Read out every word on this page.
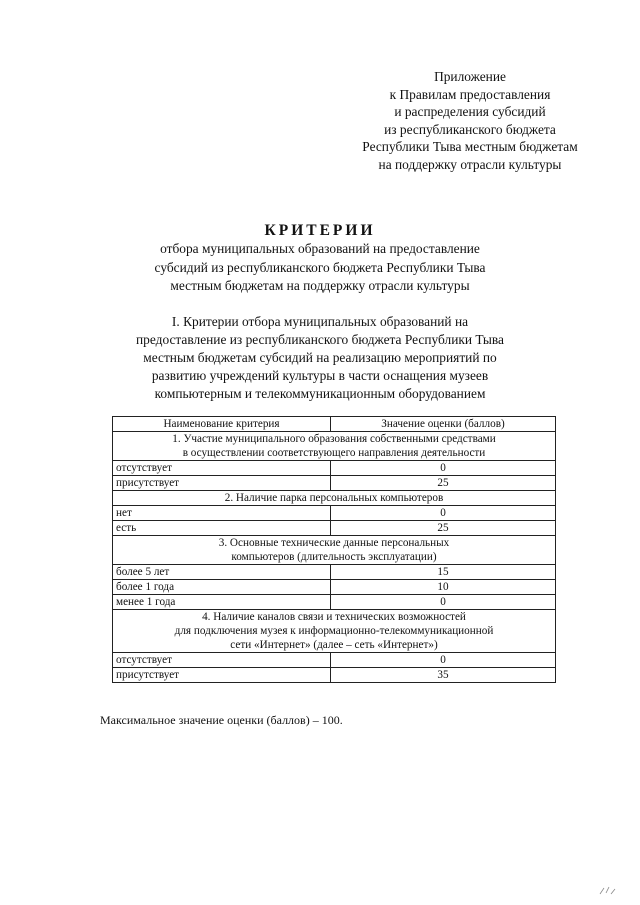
Приложение
к Правилам предоставления
и распределения субсидий
из республиканского бюджета
Республики Тыва местным бюджетам
на поддержку отрасли культуры
КРИТЕРИИ
отбора муниципальных образований на предоставление
субсидий из республиканского бюджета Республики Тыва
местным бюджетам на поддержку отрасли культуры
I. Критерии отбора муниципальных образований на
предоставление из республиканского бюджета Республики Тыва
местным бюджетам субсидий на реализацию мероприятий по
развитию учреждений культуры в части оснащения музеев
компьютерным и телекоммуникационным оборудованием
Наименование критерия	Значение оценки (баллов)

1. Участие муниципального образования собственными средствами
в осуществлении соответствующего направления деятельности	

отсутствует	0
присутствует	25

2. Наличие парка персональных компьютеров	

нет	0
есть	25

3. Основные технические данные персональных
компьютеров (длительность эксплуатации)	

более 5 лет	15
более 1 года	10
менее 1 года	0

4. Наличие каналов связи и технических возможностей
для подключения музея к информационно-телекоммуникационной
сети «Интернет» (далее – сеть «Интернет»)	

отсутствует	0
присутствует	35
Максимальное значение оценки (баллов) – 100.
